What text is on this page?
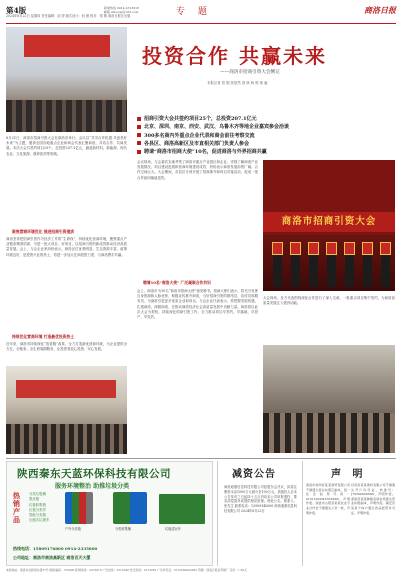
第4版
2024年8月22日 星期四 责任编辑：邱 婷 版式设计：何 薇 校对：郑 敏 商洛日报社出版
新闻热线 0914-2313018
邮箱 shlscqe@163.com	专 题	商洛日报
投资合作 共赢未来
——商洛市招商引资大会侧记
本报记者 管 娟 张欣然 曾 琪 杨 栋 郭 毅
招商引资大会共签约项目25个，总投资207.1亿元
北京、深圳、南京、西安、武汉、乌鲁木齐等地企业嘉宾参会洽谈
300多名商内外重点企业代表和商会前往考察交流
各县区、商洛高新区及市直相关部门负责人参会
聘请“商洛市招商大使”10名，促进商洛与外界招商共赢
8月21日，商洛市招商引资大会在商洛市举行。会议以“共享合作机遇·共创美好未来”为主题，邀请全国各地重点企业和商会代表汇聚商洛，共话合作、共谋发展。本次大会共签约项目25个，总投资207.1亿元，涵盖新材料、新能源、现代农业、文化旅游、康养医药等领域。
聚焦营商环境优化 推进招商引资提质
商洛坚持把招商引资作为经济工作的“生命线”，持续优化营商环境，聚焦重点产业链条精准招商，引进一批大项目、好项目，以招商引资的新成效推动经济高质量发展。会上，与会企业家纷纷表示，商洛区位优势明显、生态资源丰富、政策环境良好，是投资兴业的热土，将进一步加大在商投资力度，与商洛携手共赢。
持续优化营商环境 打造最优投资热土
近年来，商洛市持续深化“放管服”改革，全力打造最优营商环境，为企业提供全方位、全链条、全生命周期服务，让投资者放心投资、安心发展。
会议现场，与会嘉宾实地考察了商洛市重点产业园区和企业，详细了解商洛产业发展情况、项目建设进展和营商环境建设成效，纷纷表示商洛发展前景广阔、合作空间巨大。大会期间，各县区分别开展了招商推介和项目对接活动，促成一批合作意向落地见效。
聘请10名“商洛大使” 广泛凝聚合作共识
会上，商洛市为10名“商洛市招商大使”颁发聘书。招商大使们表示，将充分发挥自身资源和人脉优势，积极宣传推介商洛，当好招商引资的联络员、宣传员和服务员，为商洛引进更多优质企业和项目。与会企业代表表示，将把握发展机遇，扎根商洛、深耕商洛，在推动商洛经济社会高质量发展中贡献力量。商洛将以此次大会为契机，持续深化招商引资工作，全力推动项目早签约、早落地、早投产、早见效。
商洛市招商引资大会
大会现场，各方代表围绕深化合作进行了深入交流，一批重点项目集中签约，为商洛高质量发展注入强劲动能。
陕西秦东天蓝环保科技有限公司
服务环境整治 助推垃圾分类
热销产品
分类垃圾桶
果皮箱
垃圾收集箱
垃圾分类亭
智能分类箱
压缩式垃圾车
户外分类箱	分类收集桶	垃圾清运车
热线电话：15809176800 0914-2335800
公司地址：商洛市商洛高新区 商洛百天大厦
减资公告
商洛迪康信息科技有限公司经股东会决议，拟将注册资本由1000万元减少至100万元。请债权人自本公告发布之日起四十五日内向本公司申报债权、要求清偿债务或提供相应担保。特此公告。联系人：张先生 联系电话：13909140000 商洛迪康信息科技有限公司 2024年8月22日
声 明
商洛市商州区某某商贸有限公司不慎遗失营业执照正副本，统一社会信用代码：91611002MA70XXXX，声明作废。商洛市山阳县某某农业专业合作社不慎遗失公章一枚，声明作废。
丹凤县某某建材有限公司不慎遗失开户许可证，核准号：J7930000XXXX，声明作废。商南县某某种植家庭农场遗失营业执照副本，声明作废。镇安县某某个体户遗失食品经营许可证，声明作废。
本报地址：商洛市北新街东段37号 邮政编码：726000 新闻热线：2313018 广告热线：2313048 发行热线：2313063 广告许可证：6110004000002 印刷：商洛日报社印刷厂 定价：1.00元
